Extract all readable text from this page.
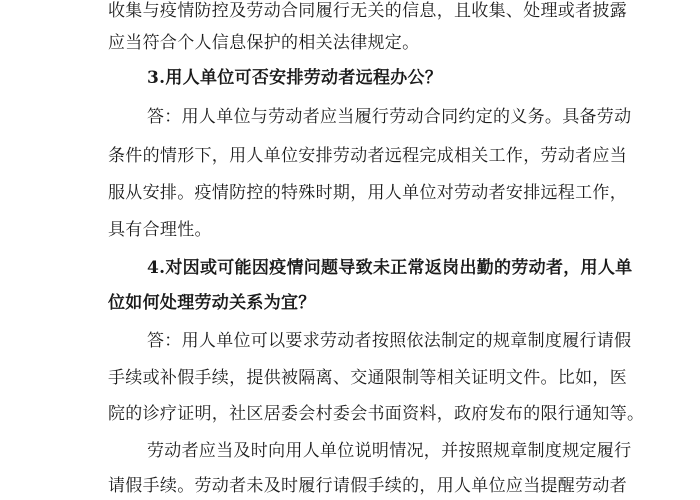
收集与疫情防控及劳动合同履行无关的信息，且收集、处理或者披露
应当符合个人信息保护的相关法律规定。
3.用人单位可否安排劳动者远程办公？
答：用人单位与劳动者应当履行劳动合同约定的义务。具备劳动
条件的情形下，用人单位安排劳动者远程完成相关工作，劳动者应当
服从安排。疫情防控的特殊时期，用人单位对劳动者安排远程工作，
具有合理性。
4.对因或可能因疫情问题导致未正常返岗出勤的劳动者，用人单
位如何处理劳动关系为宜？
答：用人单位可以要求劳动者按照依法制定的规章制度履行请假
手续或补假手续，提供被隔离、交通限制等相关证明文件。比如，医
院的诊疗证明，社区居委会村委会书面资料，政府发布的限行通知等。
劳动者应当及时向用人单位说明情况，并按照规章制度规定履行
请假手续。劳动者未及时履行请假手续的，用人单位应当提醒劳动者
